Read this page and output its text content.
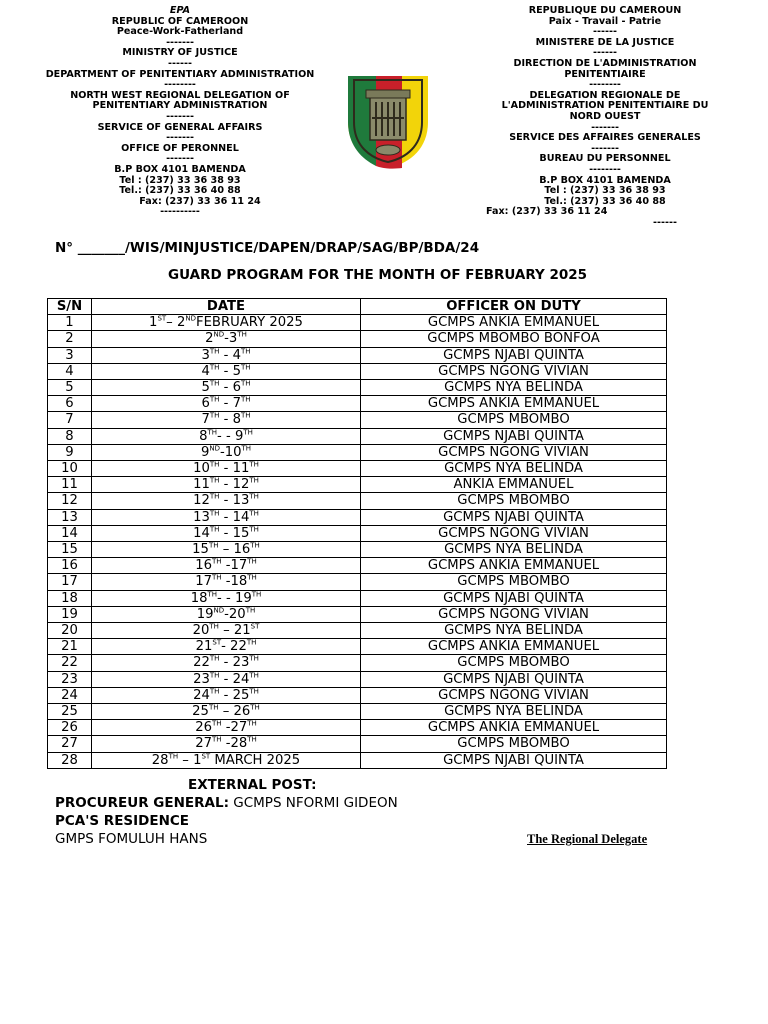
EPA
REPUBLIC OF CAMEROON
Peace-Work-Fatherland
-------
MINISTRY OF JUSTICE
------
DEPARTMENT OF PENITENTIARY ADMINISTRATION
--------
NORTH WEST REGIONAL DELEGATION OF
PENITENTIARY ADMINISTRATION
-------
SERVICE OF GENERAL AFFAIRS
-------
OFFICE OF PERONNEL
-------
B.P BOX 4101 BAMENDA
Tel : (237) 33 36 38 93
Tel.: (237) 33 36 40 88
Fax: (237) 33 36 11 24
----------
REPUBLIQUE DU CAMEROUN
Paix - Travail - Patrie
------
MINISTERE DE LA JUSTICE
------
DIRECTION DE L'ADMINISTRATION
PENITENTIAIRE
--------
DELEGATION REGIONALE DE
L'ADMINISTRATION PENITENTIAIRE DU
NORD OUEST
-------
SERVICE DES AFFAIRES GENERALES
-------
BUREAU DU PERSONNEL
--------
B.P BOX 4101 BAMENDA
Tel : (237) 33 36 38 93
Tel.: (237) 33 36 40 88
Fax: (237) 33 36 11 24
------
N° _______/WIS/MINJUSTICE/DAPEN/DRAP/SAG/BP/BDA/24
GUARD PROGRAM FOR THE MONTH OF FEBRUARY 2025
S/N	DATE	OFFICER ON DUTY
1	1ST– 2NDFEBRUARY 2025	GCMPS ANKIA EMMANUEL
2	2ND-3TH	GCMPS MBOMBO BONFOA
3	3TH - 4TH	GCMPS NJABI QUINTA
4	4TH - 5TH	GCMPS NGONG VIVIAN
5	5TH - 6TH	GCMPS NYA BELINDA
6	6TH - 7TH	GCMPS ANKIA EMMANUEL
7	7TH - 8TH	GCMPS MBOMBO
8	8TH- - 9TH	GCMPS NJABI QUINTA
9	9ND-10TH	GCMPS NGONG VIVIAN
10	10TH - 11TH	GCMPS NYA BELINDA
11	11TH - 12TH	ANKIA EMMANUEL
12	12TH - 13TH	GCMPS MBOMBO
13	13TH - 14TH	GCMPS NJABI QUINTA
14	14TH - 15TH	GCMPS NGONG VIVIAN
15	15TH – 16TH	GCMPS NYA BELINDA
16	16TH -17TH	GCMPS ANKIA EMMANUEL
17	17TH -18TH	GCMPS MBOMBO
18	18TH- - 19TH	GCMPS NJABI QUINTA
19	19ND-20TH	GCMPS NGONG VIVIAN
20	20TH – 21ST	GCMPS NYA BELINDA
21	21ST- 22TH	GCMPS ANKIA EMMANUEL
22	22TH - 23TH	GCMPS MBOMBO
23	23TH - 24TH	GCMPS NJABI QUINTA
24	24TH - 25TH	GCMPS NGONG VIVIAN
25	25TH – 26TH	GCMPS NYA BELINDA
26	26TH -27TH	GCMPS ANKIA EMMANUEL
27	27TH -28TH	GCMPS MBOMBO
28	28TH – 1ST MARCH 2025	GCMPS NJABI QUINTA
EXTERNAL POST:
PROCUREUR GENERAL: GCMPS NFORMI GIDEON
PCA'S RESIDENCE
GMPS FOMULUH HANS	The Regional Delegate
